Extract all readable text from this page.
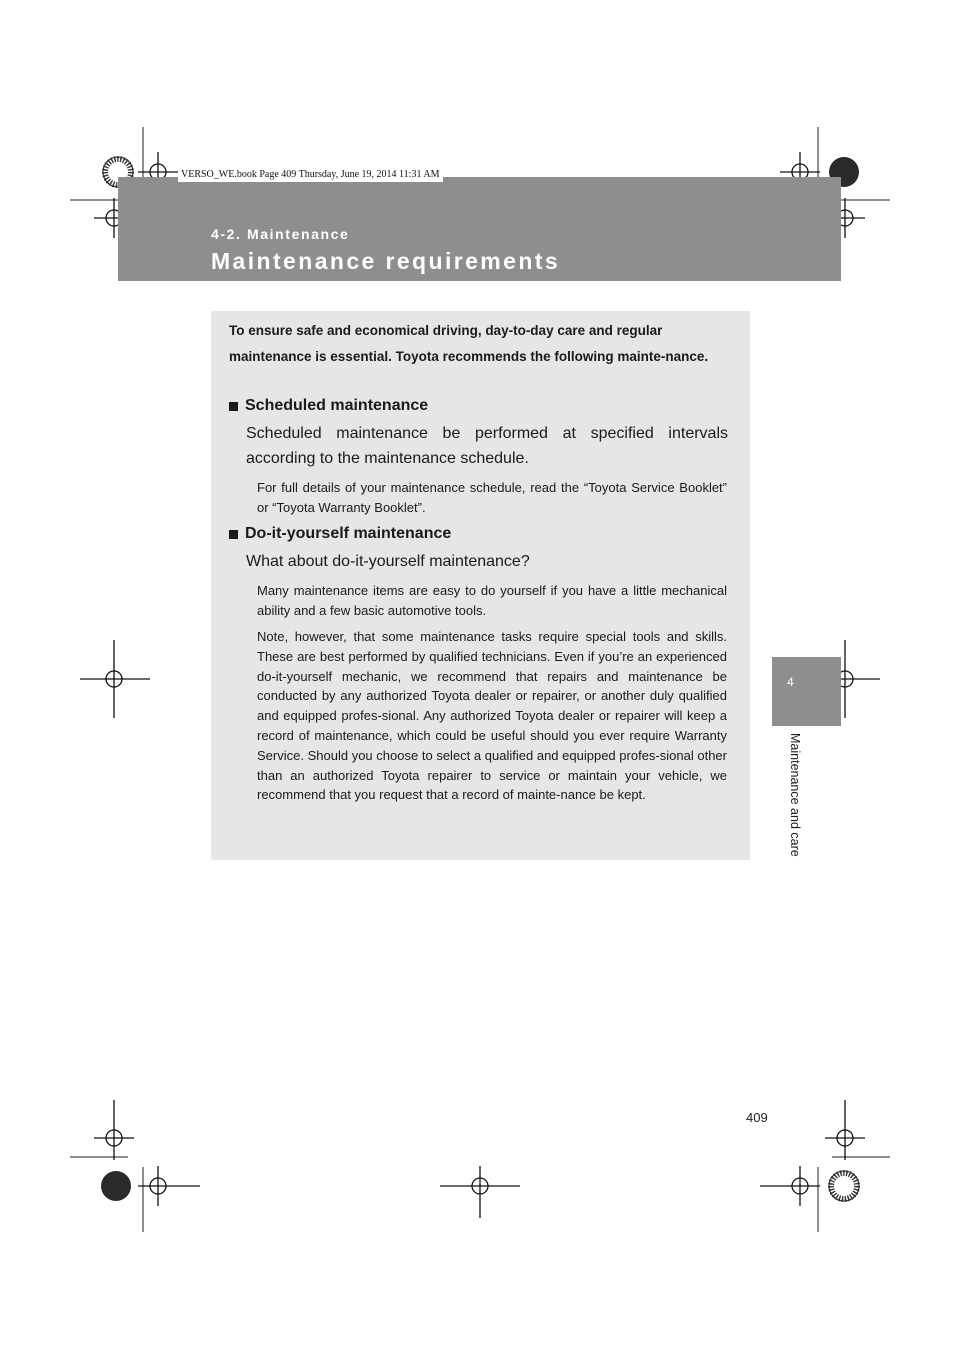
VERSO_WE.book Page 409 Thursday, June 19, 2014 11:31 AM
4-2. Maintenance
Maintenance requirements
4
Maintenance and care
To ensure safe and economical driving, day-to-day care and regular maintenance is essential. Toyota recommends the following mainte-nance.
Scheduled maintenance
Scheduled maintenance be performed at specified intervals according to the maintenance schedule.
For full details of your maintenance schedule, read the “Toyota Service Booklet” or “Toyota Warranty Booklet”.
Do-it-yourself maintenance
What about do-it-yourself maintenance?
Many maintenance items are easy to do yourself if you have a little mechanical ability and a few basic automotive tools.
Note, however, that some maintenance tasks require special tools and skills. These are best performed by qualified technicians. Even if you’re an experienced do-it-yourself mechanic, we recommend that repairs and maintenance be conducted by any authorized Toyota dealer or repairer, or another duly qualified and equipped profes-sional. Any authorized Toyota dealer or repairer will keep a record of maintenance, which could be useful should you ever require Warranty Service. Should you choose to select a qualified and equipped profes-sional other than an authorized Toyota repairer to service or maintain your vehicle, we recommend that you request that a record of mainte-nance be kept.
409
